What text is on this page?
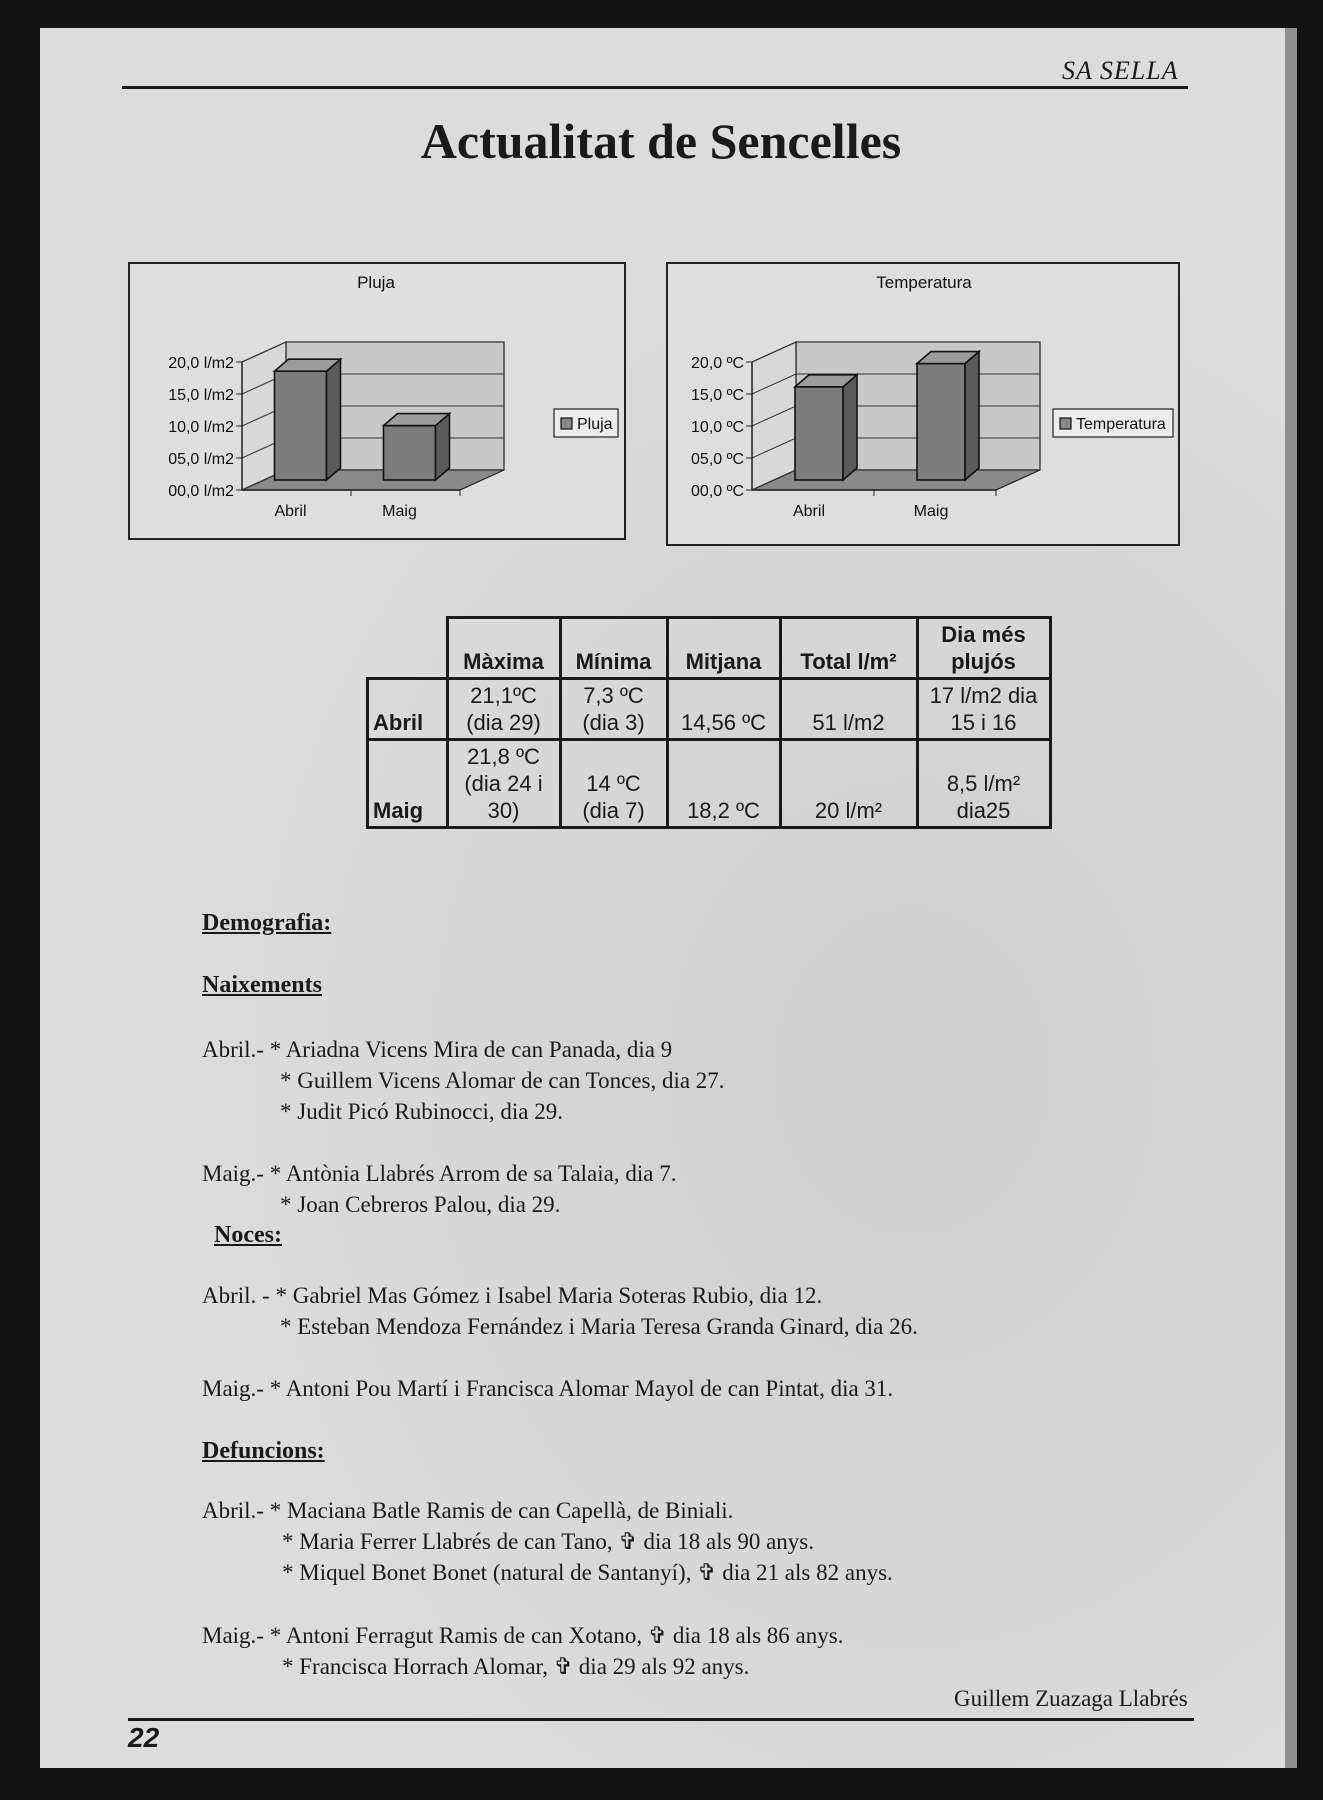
SA SELLA
Actualitat de Sencelles
20,0 l/m2
15,0 l/m2
10,0 l/m2
05,0 l/m2
00,0 l/m2
Abril	Maig
Pluja
Pluja
20,0 ºC
15,0 ºC
10,0 ºC
05,0 ºC
00,0 ºC
Abril	Maig
Temperatura
Temperatura
	Màxima	Mínima	Mitjana	Total l/m²	Dia més plujós
Abril	21,1ºC (dia 29)	7,3 ºC (dia 3)	14,56 ºC	51 l/m2	17 l/m2 dia 15 i 16
Maig	21,8 ºC (dia 24 i 30)	14 ºC (dia 7)	18,2 ºC	20 l/m²	8,5 l/m² dia25
Demografia:
Naixements
Abril.- * Ariadna Vicens Mira de can Panada, dia 9
* Guillem Vicens Alomar de can Tonces, dia 27.
* Judit Picó Rubinocci, dia 29.
Maig.- * Antònia Llabrés Arrom de sa Talaia, dia 7.
* Joan Cebreros Palou, dia 29.
Noces:
Abril. - * Gabriel Mas Gómez i Isabel Maria Soteras Rubio, dia 12.
* Esteban Mendoza Fernández i Maria Teresa Granda Ginard, dia 26.
Maig.- * Antoni Pou Martí i Francisca Alomar Mayol de can Pintat, dia 31.
Defuncions:
Abril.- * Maciana Batle Ramis de can Capellà, de Biniali.
* Maria Ferrer Llabrés de can Tano, ✞ dia 18 als 90 anys.
* Miquel Bonet Bonet (natural de Santanyí), ✞ dia 21 als 82 anys.
Maig.- * Antoni Ferragut Ramis de can Xotano, ✞ dia 18 als 86 anys.
* Francisca Horrach Alomar, ✞ dia 29 als 92 anys.
Guillem Zuazaga Llabrés
22
